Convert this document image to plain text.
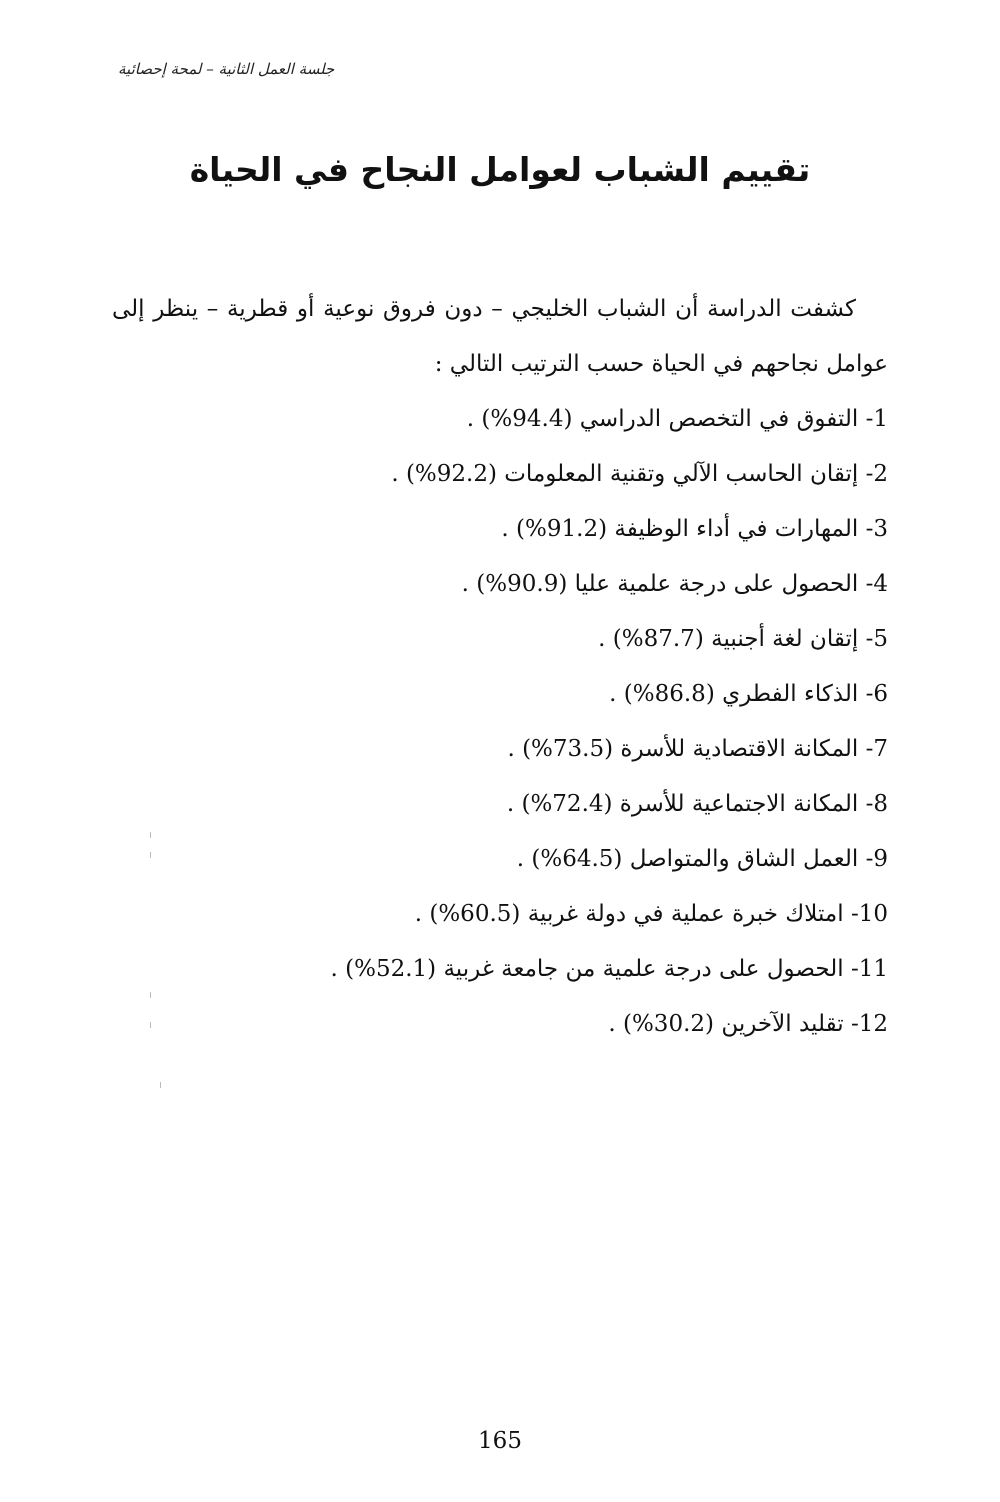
جلسة العمل الثانية – لمحة إحصائية
تقييم الشباب لعوامل النجاح في الحياة

كشفت الدراسة أن الشباب الخليجي – دون فروق نوعية أو قطرية – ينظر إلى عوامل نجاحهم في الحياة حسب الترتيب التالي :

1- التفوق في التخصص الدراسي (%94.4) .
2- إتقان الحاسب الآلي وتقنية المعلومات (%92.2) .
3- المهارات في أداء الوظيفة (%91.2) .
4- الحصول على درجة علمية عليا (%90.9) .
5- إتقان لغة أجنبية (%87.7) .
6- الذكاء الفطري (%86.8) .
7- المكانة الاقتصادية للأسرة (%73.5) .
8- المكانة الاجتماعية للأسرة (%72.4) .
9- العمل الشاق والمتواصل (%64.5) .
10- امتلاك خبرة عملية في دولة غربية (%60.5) .
11- الحصول على درجة علمية من جامعة غربية (%52.1) .
12- تقليد الآخرين (%30.2) .
165
